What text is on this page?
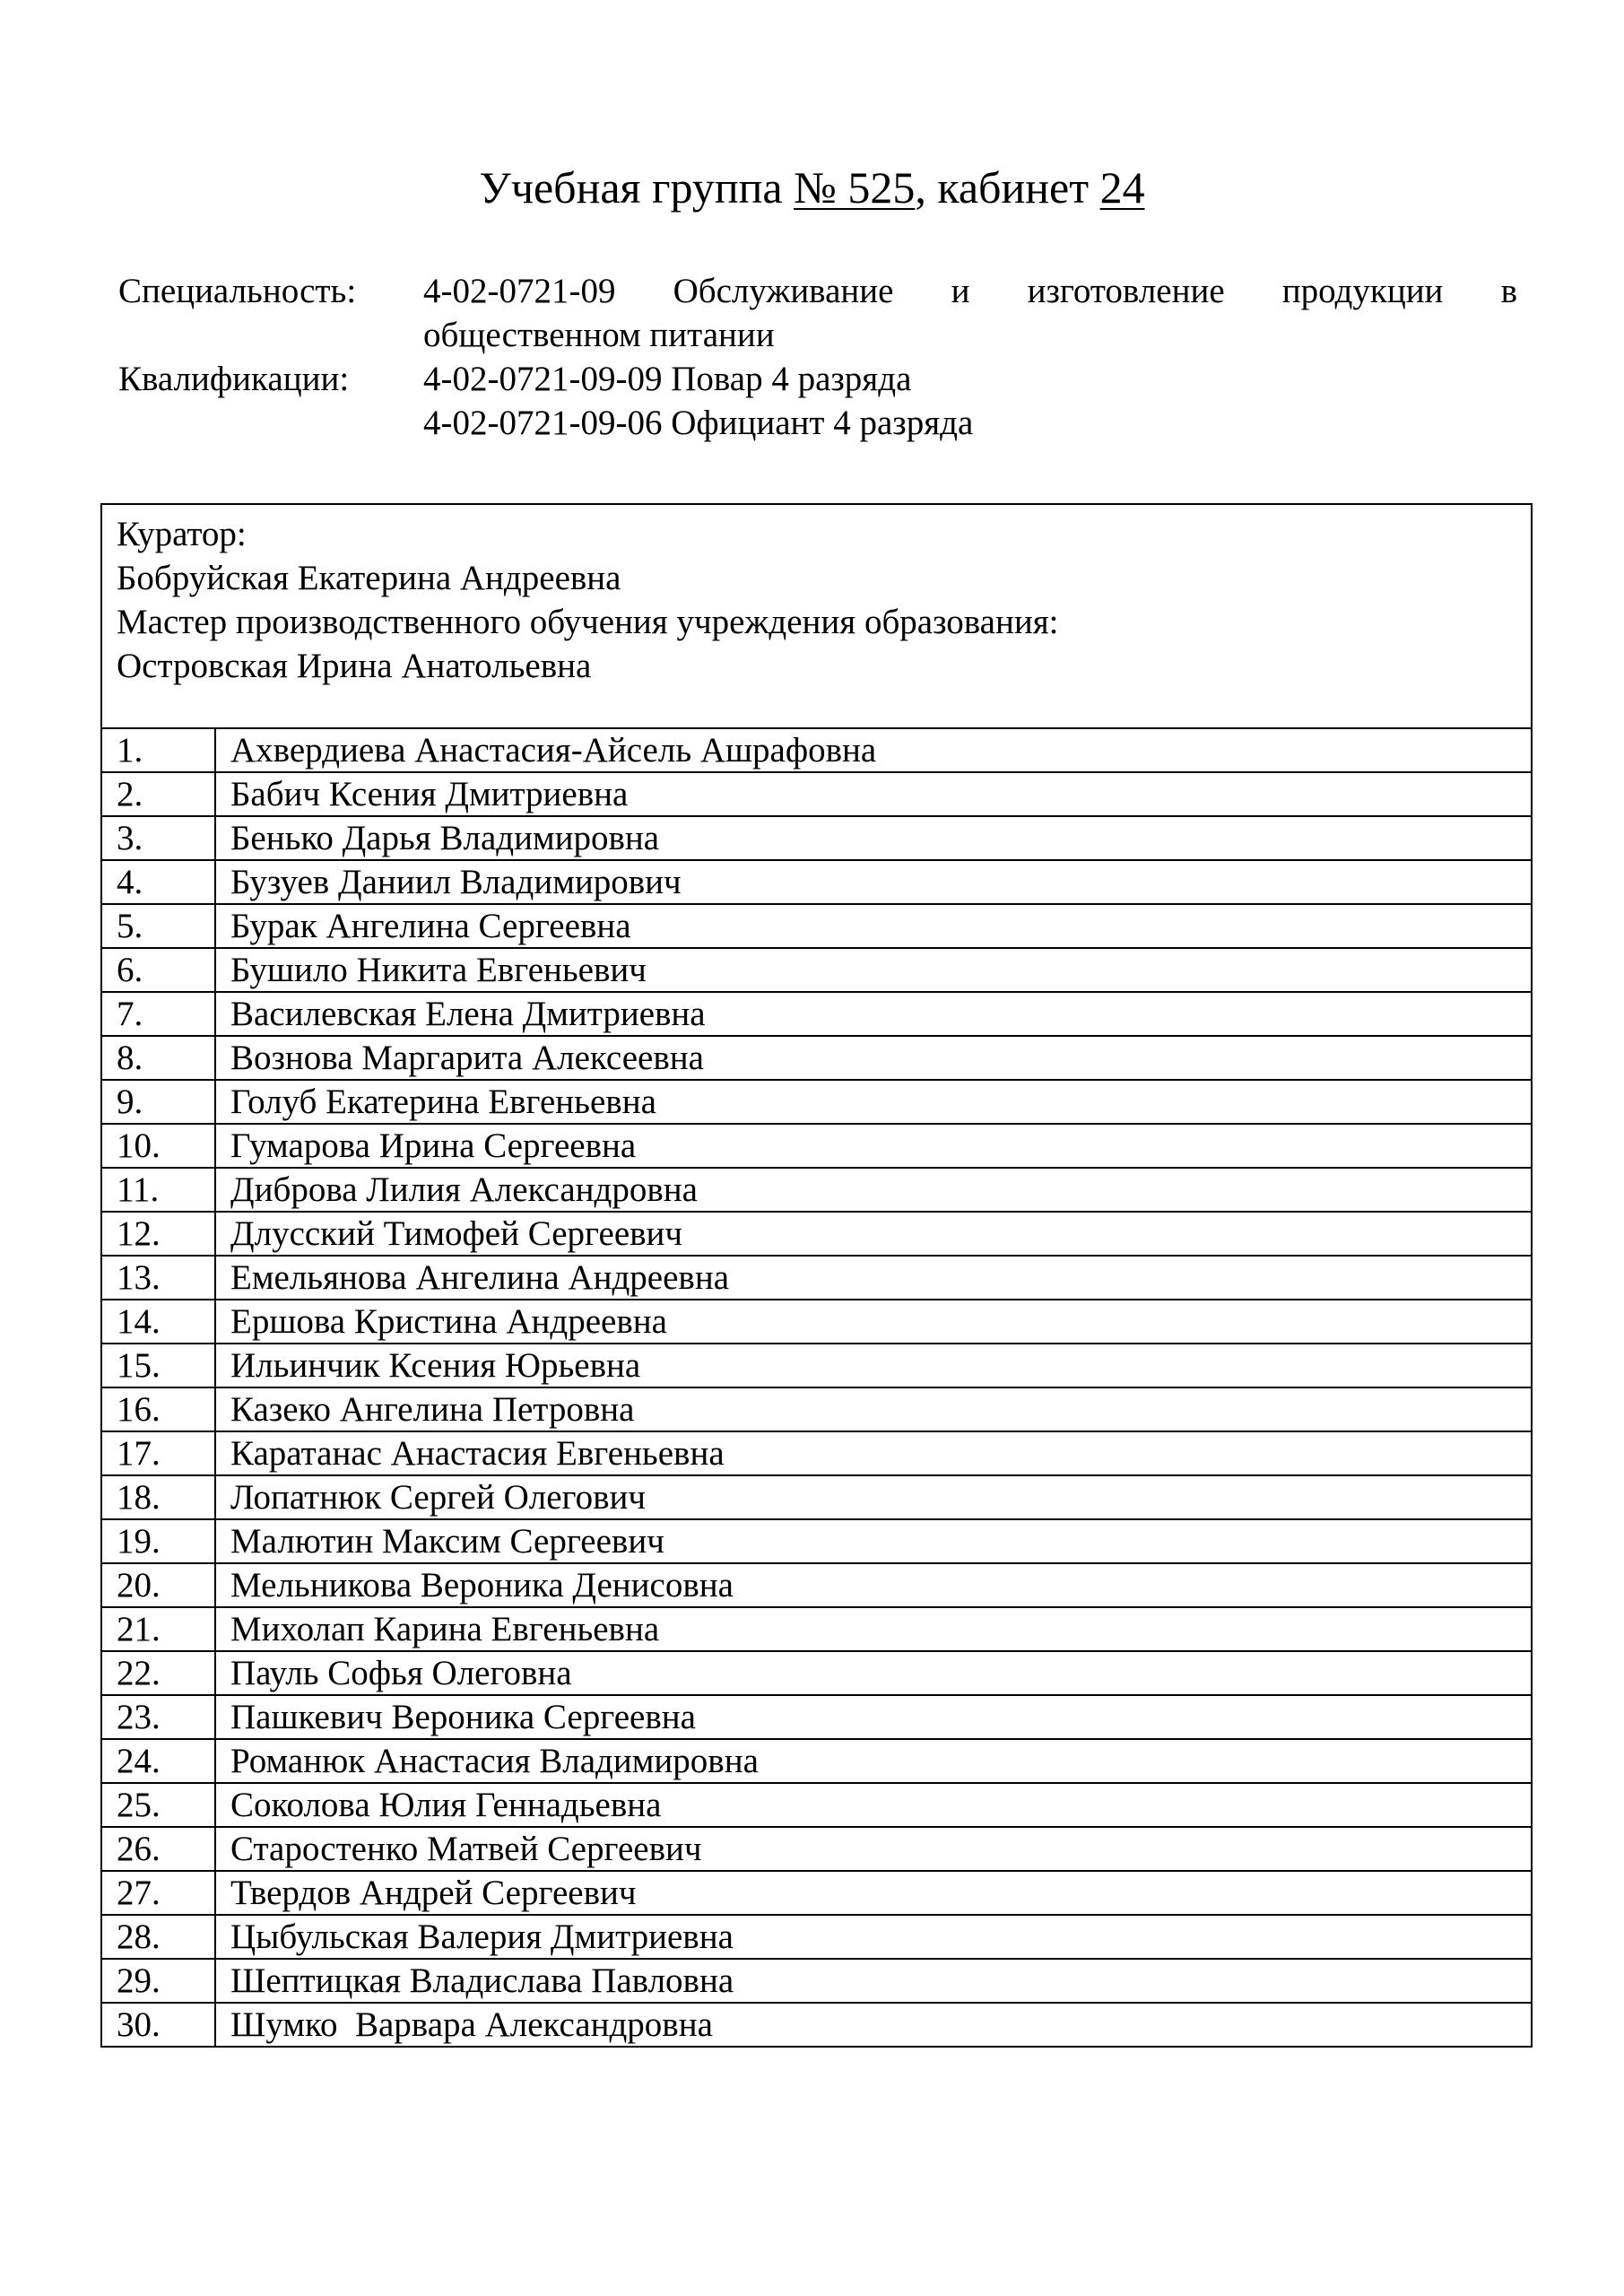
Учебная группа № 525, кабинет 24
Специальность:	4-02-0721-09 Обслуживание и изготовление продукции в
общественном питании
Квалификации:	4-02-0721-09-09 Повар 4 разряда
4-02-0721-09-06 Официант 4 разряда
Куратор:
Бобруйская Екатерина Андреевна
Мастер производственного обучения учреждения образования:
Островская Ирина Анатольевна	

1.	Ахвердиева Анастасия-Айсель Ашрафовна
2.	Бабич Ксения Дмитриевна
3.	Бенько Дарья Владимировна
4.	Бузуев Даниил Владимирович
5.	Бурак Ангелина Сергеевна
6.	Бушило Никита Евгеньевич
7.	Василевская Елена Дмитриевна
8.	Вознова Маргарита Алексеевна
9.	Голуб Екатерина Евгеньевна
10.	Гумарова Ирина Сергеевна
11.	Диброва Лилия Александровна
12.	Длусский Тимофей Сергеевич
13.	Емельянова Ангелина Андреевна
14.	Ершова Кристина Андреевна
15.	Ильинчик Ксения Юрьевна
16.	Казеко Ангелина Петровна
17.	Каратанас Анастасия Евгеньевна
18.	Лопатнюк Сергей Олегович
19.	Малютин Максим Сергеевич
20.	Мельникова Вероника Денисовна
21.	Михолап Карина Евгеньевна
22.	Пауль Софья Олеговна
23.	Пашкевич Вероника Сергеевна
24.	Романюк Анастасия Владимировна
25.	Соколова Юлия Геннадьевна
26.	Старостенко Матвей Сергеевич
27.	Твердов Андрей Сергеевич
28.	Цыбульская Валерия Дмитриевна
29.	Шептицкая Владислава Павловна
30.	Шумко  Варвара Александровна
